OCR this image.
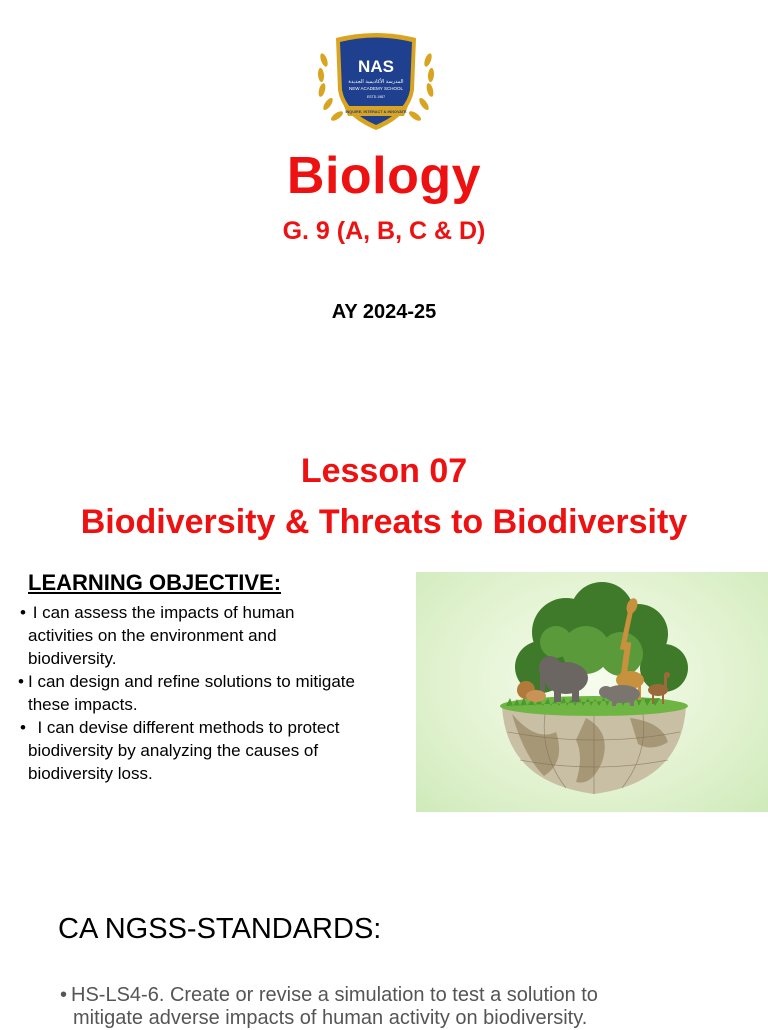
NAS
المدرسة الأكاديمية الجديدة
NEW ACADEMY SCHOOL
ESTD.1987
INQUIRE, INTERACT & INNOVATE
Biology
G. 9 (A, B, C & D)
AY 2024-25
Lesson 07
Biodiversity & Threats to Biodiversity
LEARNING OBJECTIVE:
• I can assess the impacts of human
activities on the environment and
biodiversity.
• I can design and refine solutions to mitigate
these impacts.
• I can devise different methods to protect
biodiversity by analyzing the causes of
biodiversity loss.
CA NGSS-STANDARDS:
• HS-LS4-6. Create or revise a simulation to test a solution to
mitigate adverse impacts of human activity on biodiversity.
